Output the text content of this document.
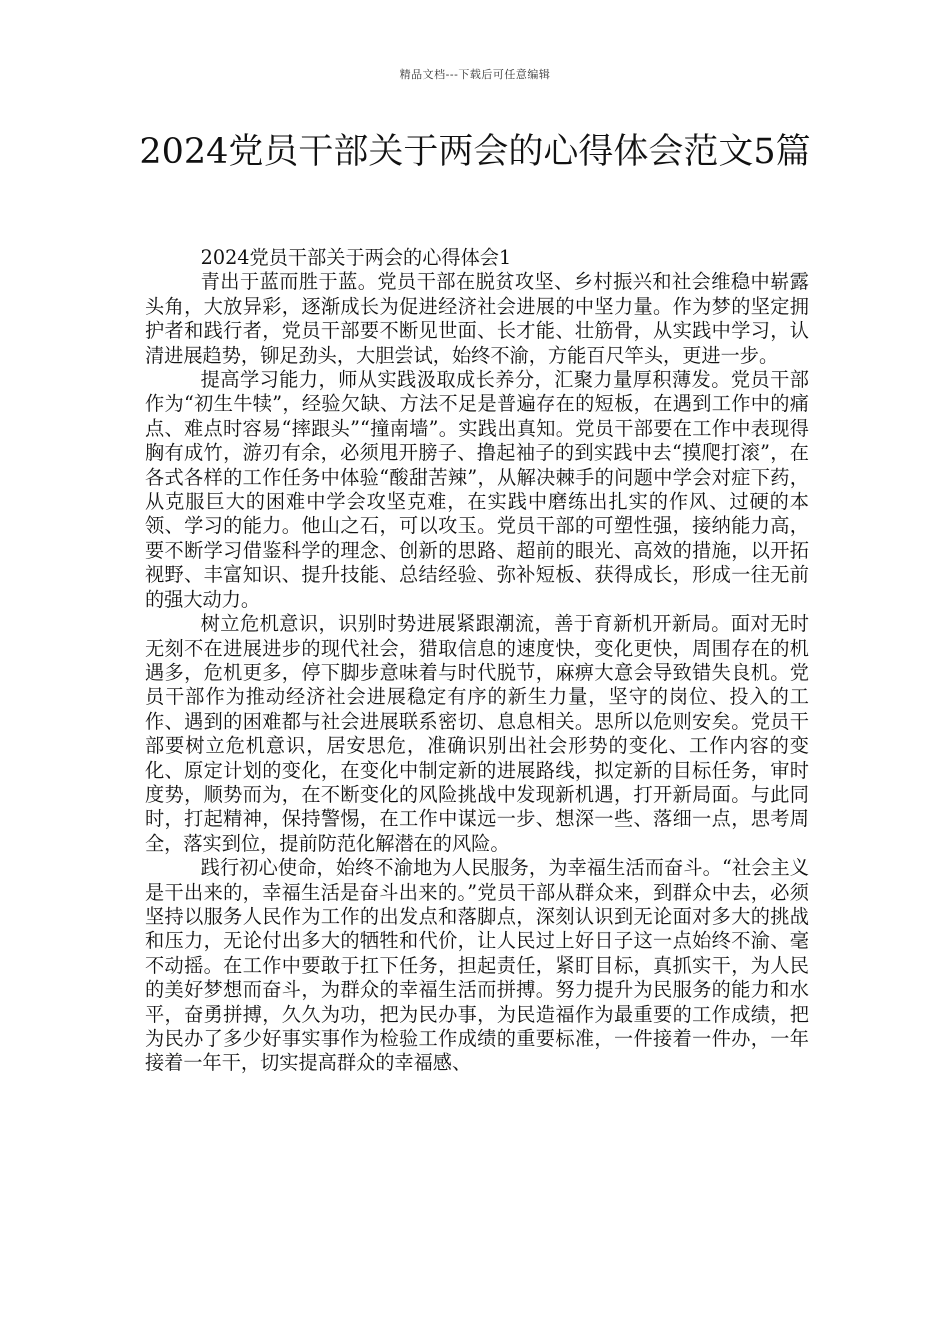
精品文档---下载后可任意编辑
2024党员干部关于两会的心得体会范文5篇

2024党员干部关于两会的心得体会1

青出于蓝而胜于蓝。党员干部在脱贫攻坚、乡村振兴和社会维稳中崭露头角，大放异彩，逐渐成长为促进经济社会进展的中坚力量。作为梦的坚定拥护者和践行者，党员干部要不断见世面、长才能、壮筋骨，从实践中学习，认清进展趋势，铆足劲头，大胆尝试，始终不渝，方能百尺竿头，更进一步。

提高学习能力，师从实践汲取成长养分，汇聚力量厚积薄发。党员干部作为“初生牛犊”，经验欠缺、方法不足是普遍存在的短板，在遇到工作中的痛点、难点时容易“摔跟头”“撞南墙”。实践出真知。党员干部要在工作中表现得胸有成竹，游刃有余，必须甩开膀子、撸起袖子的到实践中去“摸爬打滚”，在各式各样的工作任务中体验“酸甜苦辣”，从解决棘手的问题中学会对症下药，从克服巨大的困难中学会攻坚克难，在实践中磨练出扎实的作风、过硬的本领、学习的能力。他山之石，可以攻玉。党员干部的可塑性强，接纳能力高，要不断学习借鉴科学的理念、创新的思路、超前的眼光、高效的措施，以开拓视野、丰富知识、提升技能、总结经验、弥补短板、获得成长，形成一往无前的强大动力。

树立危机意识，识别时势进展紧跟潮流，善于育新机开新局。面对无时无刻不在进展进步的现代社会，猎取信息的速度快，变化更快，周围存在的机遇多，危机更多，停下脚步意味着与时代脱节，麻痹大意会导致错失良机。党员干部作为推动经济社会进展稳定有序的新生力量，坚守的岗位、投入的工作、遇到的困难都与社会进展联系密切、息息相关。思所以危则安矣。党员干部要树立危机意识，居安思危，准确识别出社会形势的变化、工作内容的变化、原定计划的变化，在变化中制定新的进展路线，拟定新的目标任务，审时度势，顺势而为，在不断变化的风险挑战中发现新机遇，打开新局面。与此同时，打起精神，保持警惕，在工作中谋远一步、想深一些、落细一点，思考周全，落实到位，提前防范化解潜在的风险。

践行初心使命，始终不渝地为人民服务，为幸福生活而奋斗。“社会主义是干出来的，幸福生活是奋斗出来的。”党员干部从群众来，到群众中去，必须坚持以服务人民作为工作的出发点和落脚点，深刻认识到无论面对多大的挑战和压力，无论付出多大的牺牲和代价，让人民过上好日子这一点始终不渝、毫不动摇。在工作中要敢于扛下任务，担起责任，紧盯目标，真抓实干，为人民的美好梦想而奋斗，为群众的幸福生活而拼搏。努力提升为民服务的能力和水平，奋勇拼搏，久久为功，把为民办事，为民造福作为最重要的工作成绩，把为民办了多少好事实事作为检验工作成绩的重要标准，一件接着一件办，一年接着一年干，切实提高群众的幸福感、
